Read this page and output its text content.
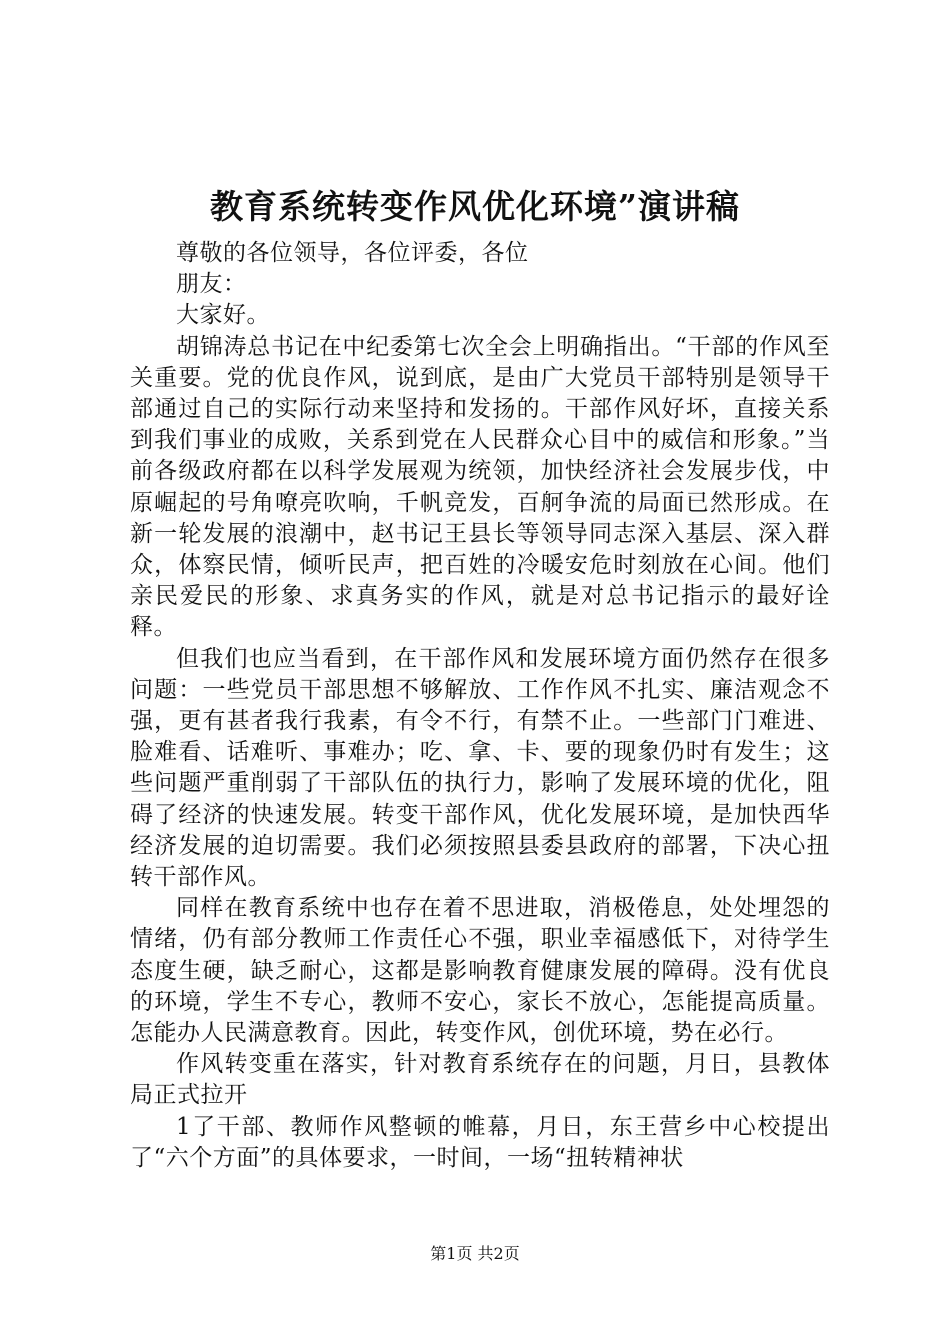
教育系统转变作风优化环境”演讲稿

尊敬的各位领导，各位评委，各位

朋友：

大家好。

胡锦涛总书记在中纪委第七次全会上明确指出。“干部的作风至关重要。党的优良作风，说到底，是由广大党员干部特别是领导干部通过自己的实际行动来坚持和发扬的。干部作风好坏，直接关系到我们事业的成败，关系到党在人民群众心目中的威信和形象。”当前各级政府都在以科学发展观为统领，加快经济社会发展步伐，中原崛起的号角嘹亮吹响，千帆竞发，百舸争流的局面已然形成。在新一轮发展的浪潮中，赵书记王县长等领导同志深入基层、深入群众，体察民情，倾听民声，把百姓的冷暖安危时刻放在心间。他们亲民爱民的形象、求真务实的作风，就是对总书记指示的最好诠释。

但我们也应当看到，在干部作风和发展环境方面仍然存在很多问题：一些党员干部思想不够解放、工作作风不扎实、廉洁观念不强，更有甚者我行我素，有令不行，有禁不止。一些部门门难进、脸难看、话难听、事难办；吃、拿、卡、要的现象仍时有发生；这些问题严重削弱了干部队伍的执行力，影响了发展环境的优化，阻碍了经济的快速发展。转变干部作风，优化发展环境，是加快西华经济发展的迫切需要。我们必须按照县委县政府的部署，下决心扭转干部作风。

同样在教育系统中也存在着不思进取，消极倦息，处处埋怨的情绪，仍有部分教师工作责任心不强，职业幸福感低下，对待学生态度生硬，缺乏耐心，这都是影响教育健康发展的障碍。没有优良的环境，学生不专心，教师不安心，家长不放心，怎能提高质量。怎能办人民满意教育。因此，转变作风，创优环境，势在必行。

作风转变重在落实，针对教育系统存在的问题，月日，县教体局正式拉开

1了干部、教师作风整顿的帷幕，月日，东王营乡中心校提出了“六个方面”的具体要求，一时间，一场“扭转精神状

第1页 共2页
